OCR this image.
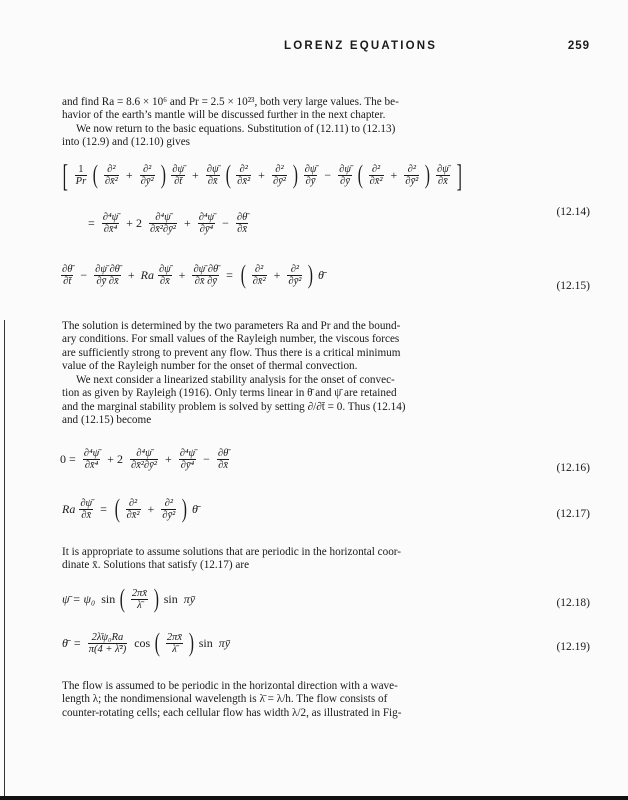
LORENZ EQUATIONS	259
and find Ra = 8.6 × 10⁶ and Pr = 2.5 × 10²³, both very large values. The be-
havior of the earth’s mantle will be discussed further in the next chapter.
We now return to the basic equations. Substitution of (12.11) to (12.13)
into (12.9) and (12.10) gives
[ $\frac{1}{Pr}$ ( $\frac{\text{∂²}}{\text{∂x̄²}} + \frac{\text{∂²}}{\text{∂ȳ²}}$ ) $\frac{\partial\psī}{\partial t̄} + \frac{\partial\psī}{\partial x̄}$ ( $\frac{\text{∂²}}{\text{∂x̄²}} + \frac{\text{∂²}}{\text{∂ȳ²}}$ ) $\frac{\partial\psī}{\partial ȳ} - \frac{\partial\psī}{\partial ȳ}$ ( $\frac{\text{∂²}}{\text{∂x̄²}} + \frac{\text{∂²}}{\text{∂ȳ²}}$ ) $\frac{\partial\psī}{\partial x̄}$ ]
(12.14)
= $\frac{\text{∂⁴ψ̄}}{\text{∂x̄⁴}} + 2 \frac{\text{∂⁴ψ̄}}{\text{∂x̄²∂ȳ²}} + \frac{\text{∂⁴ψ̄}}{\text{∂ȳ⁴}} - \frac{\partial\thetā}{\partial x̄}$
$\frac{\partial\thetā}{\partial t̄} - \frac{\partial\psī \partial\thetā}{\partial ȳ \partial x̄} + Ra \frac{\partial\psī}{\partial x̄} + \frac{\partial\psī \partial\thetā}{\partial x̄ \partial ȳ}$ = ( $\frac{\text{∂²}}{\text{∂x̄²}} + \frac{\text{∂²}}{\text{∂ȳ²}}$ ) θ̄
(12.15)
The solution is determined by the two parameters Ra and Pr and the bound-
ary conditions. For small values of the Rayleigh number, the viscous forces
are sufficiently strong to prevent any flow. Thus there is a critical minimum
value of the Rayleigh number for the onset of thermal convection.
We next consider a linearized stability analysis for the onset of convec-
tion as given by Rayleigh (1916). Only terms linear in θ̄ and ψ̄ are retained
and the marginal stability problem is solved by setting ∂/∂t̄ = 0. Thus (12.14)
and (12.15) become
$0 = \frac{\text{∂⁴ψ̄}}{\text{∂x̄⁴}} + 2 \frac{\text{∂⁴ψ̄}}{\text{∂x̄²∂ȳ²}} + \frac{\text{∂⁴ψ̄}}{\text{∂ȳ⁴}} - \frac{\partial\thetā}{\partial x̄}$	(12.16)
Ra $\frac{\partial\psī}{\partial x̄}$ = ( $\frac{\text{∂²}}{\text{∂x̄²}} + \frac{\text{∂²}}{\text{∂ȳ²}}$ ) θ̄	(12.17)
It is appropriate to assume solutions that are periodic in the horizontal coor-
dinate x̄. Solutions that satisfy (12.17) are
ψ̄ = ψ₀ sin ( $\frac{2\pi x̄}{\lambdā}$ ) sin  πȳ	(12.18)
θ̄ = $\frac{\text{2λ̄ψ₀Ra}}{\text{π(4 + λ̄²)}}$ cos ( $\frac{2\pi x̄}{\lambdā}$ ) sin  πȳ	(12.19)
The flow is assumed to be periodic in the horizontal direction with a wave-
length λ; the nondimensional wavelength is λ̄ = λ/h. The flow consists of
counter-rotating cells; each cellular flow has width λ/2, as illustrated in Fig-
